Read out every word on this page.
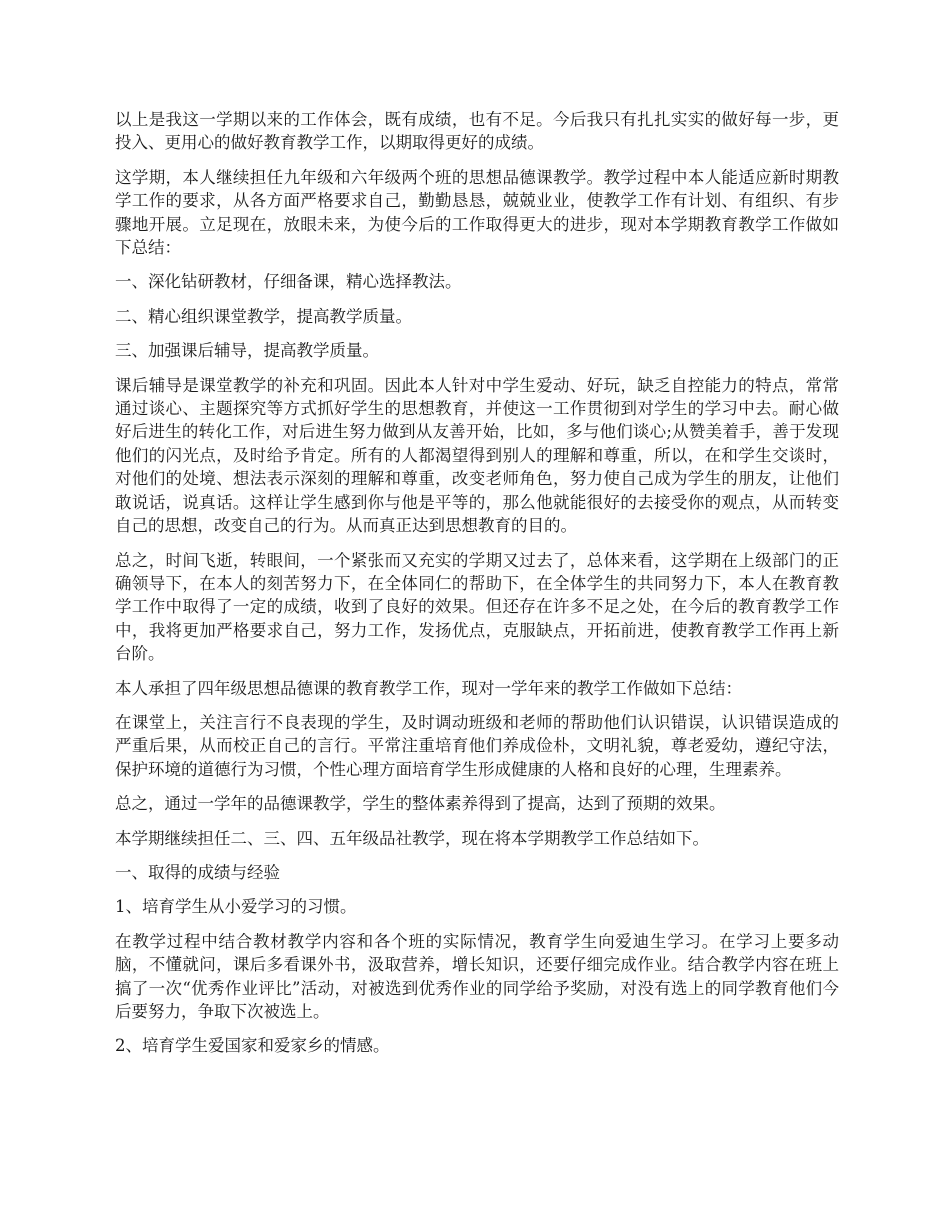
以上是我这一学期以来的工作体会，既有成绩，也有不足。今后我只有扎扎实实的做好每一步，更投入、更用心的做好教育教学工作，以期取得更好的成绩。

这学期，本人继续担任九年级和六年级两个班的思想品德课教学。教学过程中本人能适应新时期教学工作的要求，从各方面严格要求自己，勤勤恳恳，兢兢业业，使教学工作有计划、有组织、有步骤地开展。立足现在，放眼未来，为使今后的工作取得更大的进步，现对本学期教育教学工作做如下总结：

一、深化钻研教材，仔细备课，精心选择教法。

二、精心组织课堂教学，提高教学质量。

三、加强课后辅导，提高教学质量。

课后辅导是课堂教学的补充和巩固。因此本人针对中学生爱动、好玩，缺乏自控能力的特点，常常通过谈心、主题探究等方式抓好学生的思想教育，并使这一工作贯彻到对学生的学习中去。耐心做好后进生的转化工作，对后进生努力做到从友善开始，比如，多与他们谈心;从赞美着手，善于发现他们的闪光点，及时给予肯定。所有的人都渴望得到别人的理解和尊重，所以，在和学生交谈时，对他们的处境、想法表示深刻的理解和尊重，改变老师角色，努力使自己成为学生的朋友，让他们敢说话，说真话。这样让学生感到你与他是平等的，那么他就能很好的去接受你的观点，从而转变自己的思想，改变自己的行为。从而真正达到思想教育的目的。

总之，时间飞逝，转眼间，一个紧张而又充实的学期又过去了，总体来看，这学期在上级部门的正确领导下，在本人的刻苦努力下，在全体同仁的帮助下，在全体学生的共同努力下，本人在教育教学工作中取得了一定的成绩，收到了良好的效果。但还存在许多不足之处，在今后的教育教学工作中，我将更加严格要求自己，努力工作，发扬优点，克服缺点，开拓前进，使教育教学工作再上新台阶。

本人承担了四年级思想品德课的教育教学工作，现对一学年来的教学工作做如下总结：

在课堂上，关注言行不良表现的学生，及时调动班级和老师的帮助他们认识错误，认识错误造成的严重后果，从而校正自己的言行。平常注重培育他们养成俭朴，文明礼貌，尊老爱幼，遵纪守法，保护环境的道德行为习惯，个性心理方面培育学生形成健康的人格和良好的心理，生理素养。

总之，通过一学年的品德课教学，学生的整体素养得到了提高，达到了预期的效果。

本学期继续担任二、三、四、五年级品社教学，现在将本学期教学工作总结如下。

一、取得的成绩与经验

1、培育学生从小爱学习的习惯。

在教学过程中结合教材教学内容和各个班的实际情况，教育学生向爱迪生学习。在学习上要多动脑，不懂就问，课后多看课外书，汲取营养，增长知识，还要仔细完成作业。结合教学内容在班上搞了一次“优秀作业评比”活动，对被选到优秀作业的同学给予奖励，对没有选上的同学教育他们今后要努力，争取下次被选上。

2、培育学生爱国家和爱家乡的情感。
